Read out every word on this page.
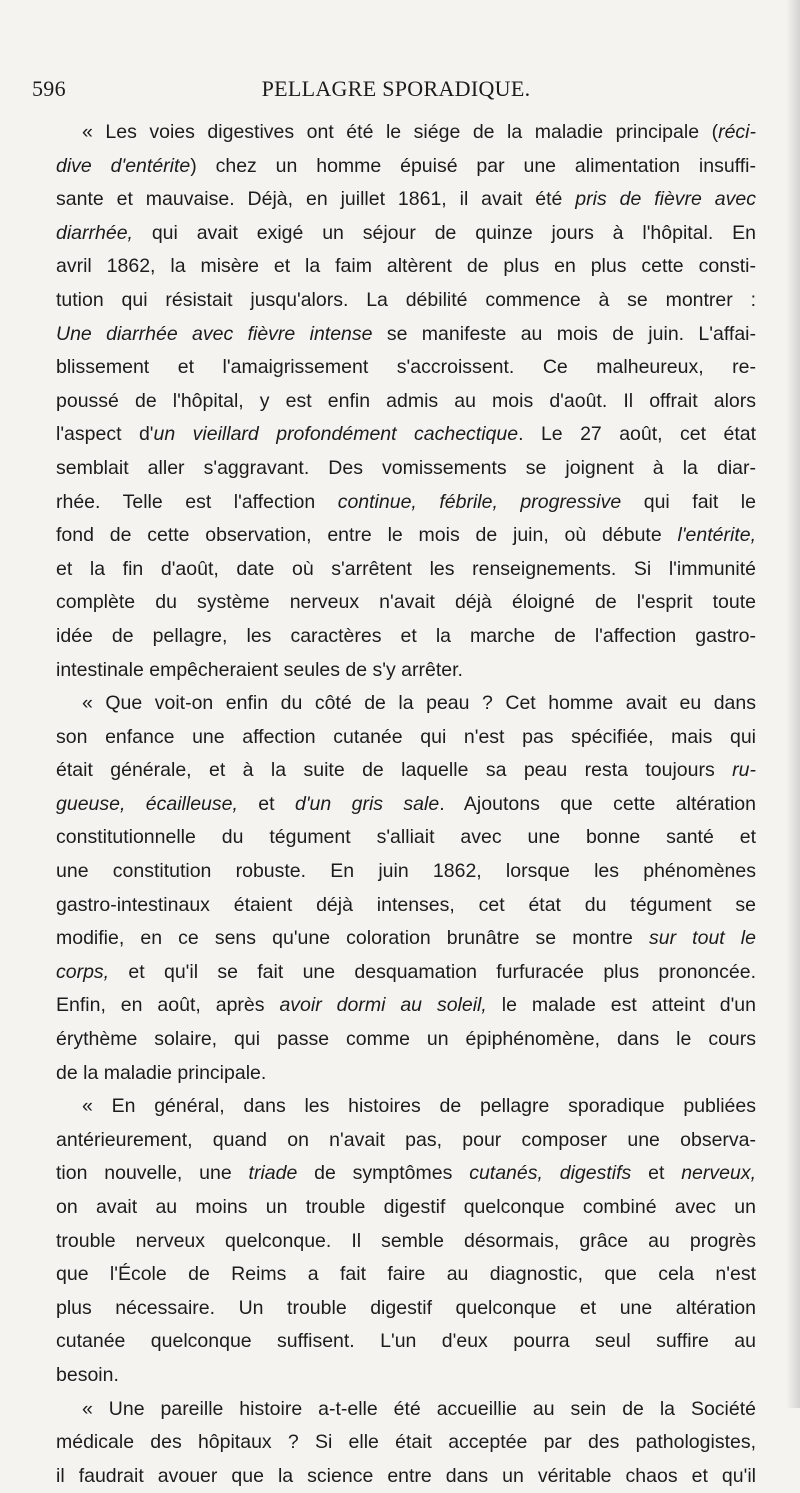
596	PELLAGRE SPORADIQUE.
« Les voies digestives ont été le siége de la maladie principale (réci-
dive d'entérite) chez un homme épuisé par une alimentation insuffi-
sante et mauvaise. Déjà, en juillet 1861, il avait été pris de fièvre avec
diarrhée, qui avait exigé un séjour de quinze jours à l'hôpital. En
avril 1862, la misère et la faim altèrent de plus en plus cette consti-
tution qui résistait jusqu'alors. La débilité commence à se montrer :
Une diarrhée avec fièvre intense se manifeste au mois de juin. L'affai-
blissement et l'amaigrissement s'accroissent. Ce malheureux, re-
poussé de l'hôpital, y est enfin admis au mois d'août. Il offrait alors
l'aspect d'un vieillard profondément cachectique. Le 27 août, cet état
semblait aller s'aggravant. Des vomissements se joignent à la diar-
rhée. Telle est l'affection continue, fébrile, progressive qui fait le
fond de cette observation, entre le mois de juin, où débute l'entérite,
et la fin d'août, date où s'arrêtent les renseignements. Si l'immunité
complète du système nerveux n'avait déjà éloigné de l'esprit toute
idée de pellagre, les caractères et la marche de l'affection gastro-
intestinale empêcheraient seules de s'y arrêter.
« Que voit-on enfin du côté de la peau ? Cet homme avait eu dans
son enfance une affection cutanée qui n'est pas spécifiée, mais qui
était générale, et à la suite de laquelle sa peau resta toujours ru-
gueuse, écailleuse, et d'un gris sale. Ajoutons que cette altération
constitutionnelle du tégument s'alliait avec une bonne santé et
une constitution robuste. En juin 1862, lorsque les phénomènes
gastro-intestinaux étaient déjà intenses, cet état du tégument se
modifie, en ce sens qu'une coloration brunâtre se montre sur tout le
corps, et qu'il se fait une desquamation furfuracée plus prononcée.
Enfin, en août, après avoir dormi au soleil, le malade est atteint d'un
érythème solaire, qui passe comme un épiphénomène, dans le cours
de la maladie principale.
« En général, dans les histoires de pellagre sporadique publiées
antérieurement, quand on n'avait pas, pour composer une observa-
tion nouvelle, une triade de symptômes cutanés, digestifs et nerveux,
on avait au moins un trouble digestif quelconque combiné avec un
trouble nerveux quelconque. Il semble désormais, grâce au progrès
que l'École de Reims a fait faire au diagnostic, que cela n'est
plus nécessaire. Un trouble digestif quelconque et une altération
cutanée quelconque suffisent. L'un d'eux pourra seul suffire au
besoin.
« Une pareille histoire a-t-elle été accueillie au sein de la Société
médicale des hôpitaux ? Si elle était acceptée par des pathologistes,
il faudrait avouer que la science entre dans un véritable chaos et qu'il
